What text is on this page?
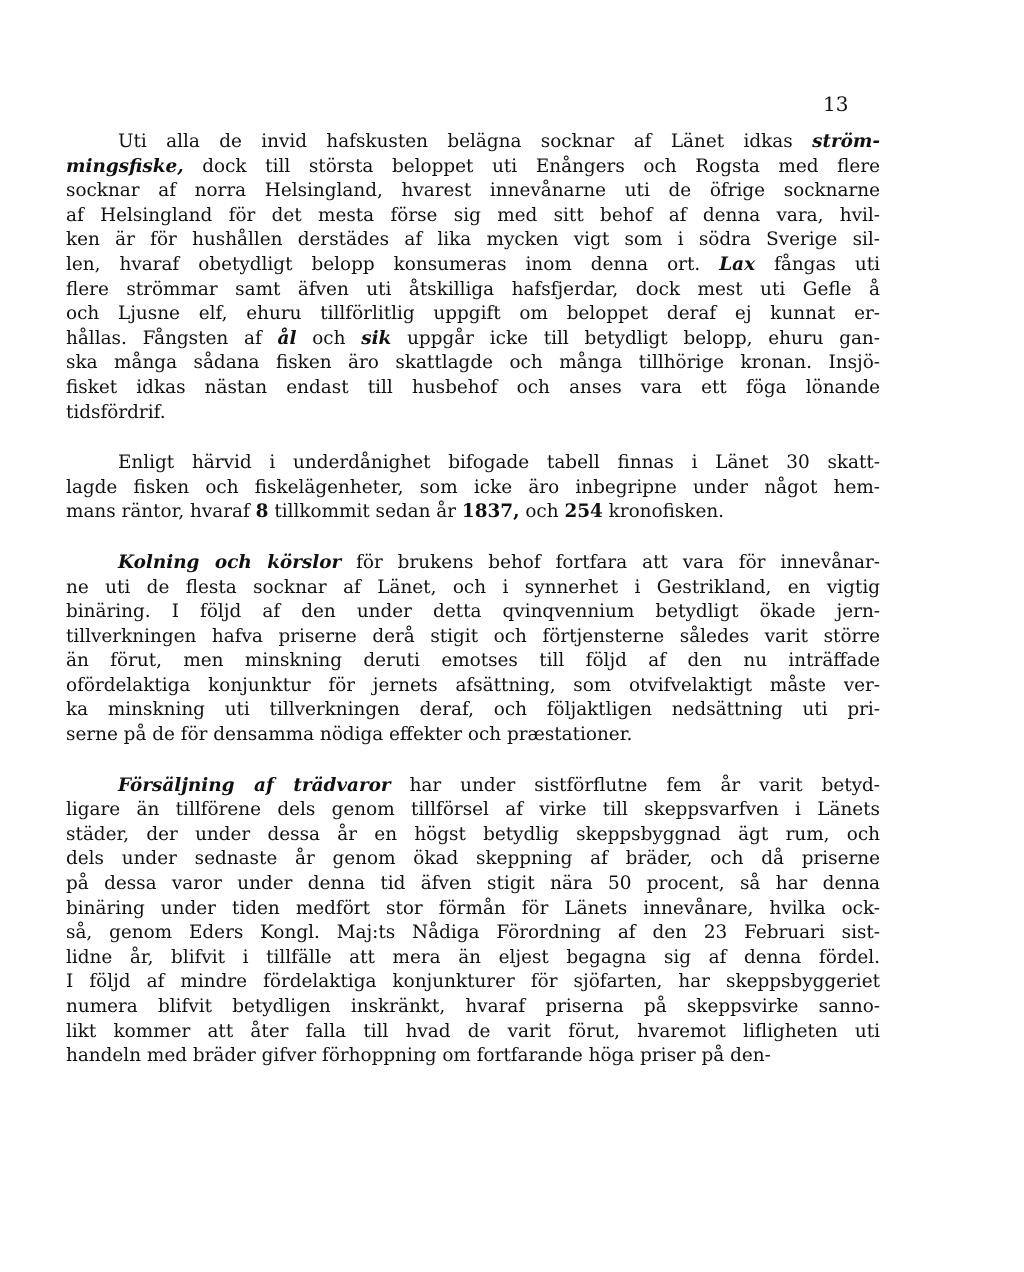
13

Uti alla de invid hafskusten belägna socknar af Länet idkas ström-
mingsfiske, dock till största beloppet uti Enångers och Rogsta med flere
socknar af norra Helsingland, hvarest innevånarne uti de öfrige socknarne
af Helsingland för det mesta förse sig med sitt behof af denna vara, hvil-
ken är för hushållen derstädes af lika mycken vigt som i södra Sverige sil-
len, hvaraf obetydligt belopp konsumeras inom denna ort. Lax fångas uti
flere strömmar samt äfven uti åtskilliga hafsfjerdar, dock mest uti Gefle å
och Ljusne elf, ehuru tillförlitlig uppgift om beloppet deraf ej kunnat er-
hållas. Fångsten af ål och sik uppgår icke till betydligt belopp, ehuru gan-
ska många sådana fisken äro skattlagde och många tillhörige kronan. Insjö-
fisket idkas nästan endast till husbehof och anses vara ett föga lönande
tidsfördrif.

Enligt härvid i underdånighet bifogade tabell finnas i Länet 30 skatt-
lagde fisken och fiskelägenheter, som icke äro inbegripne under något hem-
mans räntor, hvaraf 8 tillkommit sedan år 1837, och 254 kronofisken.

Kolning och körslor för brukens behof fortfara att vara för innevånar-
ne uti de flesta socknar af Länet, och i synnerhet i Gestrikland, en vigtig
binäring. I följd af den under detta qvinqvennium betydligt ökade jern-
tillverkningen hafva priserne derå stigit och förtjensterne således varit större
än förut, men minskning deruti emotses till följd af den nu inträffade
ofördelaktiga konjunktur för jernets afsättning, som otvifvelaktigt måste ver-
ka minskning uti tillverkningen deraf, och följaktligen nedsättning uti pri-
serne på de för densamma nödiga effekter och præstationer.

Försäljning af trädvaror har under sistförflutne fem år varit betyd-
ligare än tillförene dels genom tillförsel af virke till skeppsvarfven i Länets
städer, der under dessa år en högst betydlig skeppsbyggnad ägt rum, och
dels under sednaste år genom ökad skeppning af bräder, och då priserne
på dessa varor under denna tid äfven stigit nära 50 procent, så har denna
binäring under tiden medfört stor förmån för Länets innevånare, hvilka ock-
så, genom Eders Kongl. Maj:ts Nådiga Förordning af den 23 Februari sist-
lidne år, blifvit i tillfälle att mera än eljest begagna sig af denna fördel.
I följd af mindre fördelaktiga konjunkturer för sjöfarten, har skeppsbyggeriet
numera blifvit betydligen inskränkt, hvaraf priserna på skeppsvirke sanno-
likt kommer att åter falla till hvad de varit förut, hvaremot lifligheten uti
handeln med bräder gifver förhoppning om fortfarande höga priser på den-
